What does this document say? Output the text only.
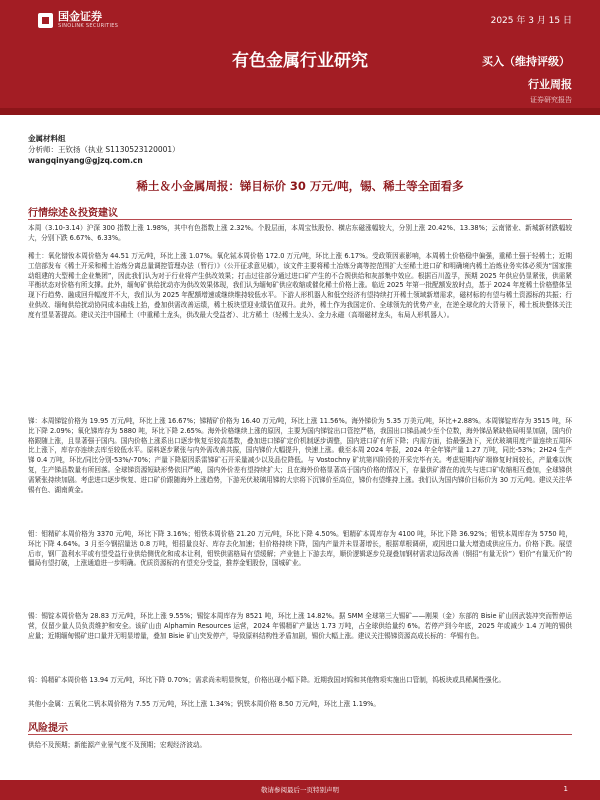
国金证券
SINOLINK SECURITIES	2025 年 3 月 15 日
有色金属行业研究	买入（维持评级）
行业周报
证券研究报告
金属材料组
分析师：王钦扬（执业 S1130523120001）
wangqinyang@gjzq.com.cn
稀土＆小金属周报：锑目标价 30 万元/吨，锡、稀土等全面看多
行情综述＆投资建议
本周（3.10-3.14）沪深 300 指数上涨 1.98%，其中有色指数上涨 2.32%。个股层面，本周宝钛股份、横店东磁涨幅较大，分别上涨 20.42%、13.38%；云南锗业、新城新材跌幅较大，分别下跌 6.67%、6.33%。
稀土：氧化镨钕本周价格为 44.51 万元/吨，环比上涨 1.07%。氧化铽本周价格 172.0 万元/吨，环比上涨 6.17%。受政策因素影响，本周稀土价格稳中偏强，重稀土强于轻稀土；近期工信部发布《稀土开采和稀土冶炼分离总量调控管理办法（暂行）》（公开征求意见稿），该文件主要将稀土冶炼分离等控范围扩大至稀土进口矿和明确境内稀土冶炼业务实体必须为“国家推动组建的大型稀土企业集团”，因此我们认为对于行业将产生供改效果；打击过往部分通过进口矿产生的不合规供给和灰部集中效应。根据百川盈孚，预期 2025 年供应仍显紧张，供需紧平衡状态对价格有所支撑。此外，缅甸矿供给扰动亦为供改效果体现，我们认为缅甸矿供应收缩或催化稀土价格上涨。临近 2025 年第一批配额发放时点，基于 2024 年度稀土价格整体呈现下行趋势、融成回升幅度并不大，我们认为 2025 年配额增速或继续维持较低水平。下游人形机器人和低空经济有望持续打开稀土领域新增需求，磁材标的有望与稀土资源标的共振；行业供改、缅甸供给扰动协同成本曲线上抬，叠加供需改善运绩，稀土板块望迎业绩估值双升。此外，稀土作为我国定价、全球领先的优势产业，在逆全球化的大背景下，稀土板块整体关注度有望显著提高。建议关注中国稀土（中重稀土龙头，供改最大受益者）、北方稀土（轻稀土龙头）、金力永磁（高端磁材龙头，布局人形机器人）。
锑：本周锑锭价格为 19.95 万元/吨，环比上涨 16.67%；锑精矿价格为 16.40 万元/吨，环比上涨 11.56%。海外锑价为 5.35 万美元/吨，环比+2.88%。本周锑锭库存为 3515 吨，环比下降 2.09%；氧化锑库存为 5880 吨，环比下降 2.65%。海外价格继续上涨的原因，主要为国内锑锭出口管控严格，我国出口锑品减少至个位数，海外锑品紧缺格局明显加剧，国内价格跟随上涨，且显著强于国内。国内价格上涨系出口逐步恢复至较高基数，叠加进口锑矿定价机制逐步调整，国内进口矿有所下降；内需方面，拾最强劲下，光伏玻璃用度产量连续五周环比上涨下，库存亦连续去库至较低水平。原料逐步紧张与内外需改善共振，国内锑价大幅提升，快速上涨。截至本周 2024 年报，2024 年全年锑产量 1.27 万吨，同比-53%；2H24 生产锑 0.4 万吨，环比/同比分别-53%/-70%；产量下降原因系雷锑矿石开采量减少以及品位降低。与 Vostochny 矿坑第四阶段的开采完毕有关。考虑短期内矿端修复时间较长，产量难以恢复，生产锑品数量有所回落。全球锑资源短缺形势依旧严峻，国内外价差有望持续扩大；且在海外价格显著高于国内价格的情况下，存量供矿潜在的流失与进口矿收缩相互叠加，全球锑供需紧张持续加剧。考虑进口逐步恢复、进口矿价跟随海外上涨趋势，下游光伏玻璃用锑的大宗将下沉锑价至高位，锑价有望维持上涨。我们认为国内锑价目标价为 30 万元/吨。建议关注华锡有色、湖南黄金。
钼：钼精矿本周价格为 3370 元/吨，环比下降 3.16%；钼铁本周价格 21.20 万元/吨，环比下降 4.50%。钼精矿本周库存为 4100 吨，环比下降 36.92%；钼铁本周库存为 5750 吨，环比下降 4.64%。3 月至今钢招量达 0.8 万吨，钼招量良好、库存去化加速；但价格持续下降，国内产量并未显著增长，根据草根调研，或因进口量大增造成供应压力。价格下跌。展望后市，钢厂盈利水平或有望受益行业供给侧优化和成本让利，钼铁供需格局有望缓解；产业链上下游去库，顺价逻辑逐步兑现叠加钢材需求边际改善（钢招“有量无价”）钼价“有量无价”的僵局有望打破，上涨通道进一步明确。优质资源标的有望充分受益，推荐金钼股份，国城矿业。
锡：锡锭本周价格为 28.83 万元/吨，环比上涨 9.55%；锡锭本周库存为 8521 吨，环比上涨 14.82%。据 SMM 全球第三大锡矿——刚果（金）东部的 Bisie 矿山因武装冲突而暂停运营，仅留少量人员负责维护和安全。该矿山由 Alphamin Resources 运营，2024 年锡精矿产量达 1.73 万吨，占全球供给量约 6%。若停产到今年底，2025 年或减少 1.4 万吨的锡供应量；近期缅甸锡矿进口量并无明显增量，叠加 Bisie 矿山突发停产，导致原料结构性矛盾加剧，锡价大幅上涨。建议关注锡锑资源高成长标的：华锡有色。
钨：钨精矿本周价格 13.94 万元/吨，环比下降 0.70%；需求尚未明显恢复，价格出现小幅下降。近期我国对钨和其他物项实施出口管制，钨板块或具稀属性强化。
其他小金属：五氧化二钒本周价格为 7.55 万元/吨，环比上涨 1.34%；钒铁本周价格 8.50 万元/吨，环比上涨 1.19%。
风险提示
供给不及预期；新能源产业景气度不及预期；宏观经济波动。
敬请参阅最后一页特别声明	1
